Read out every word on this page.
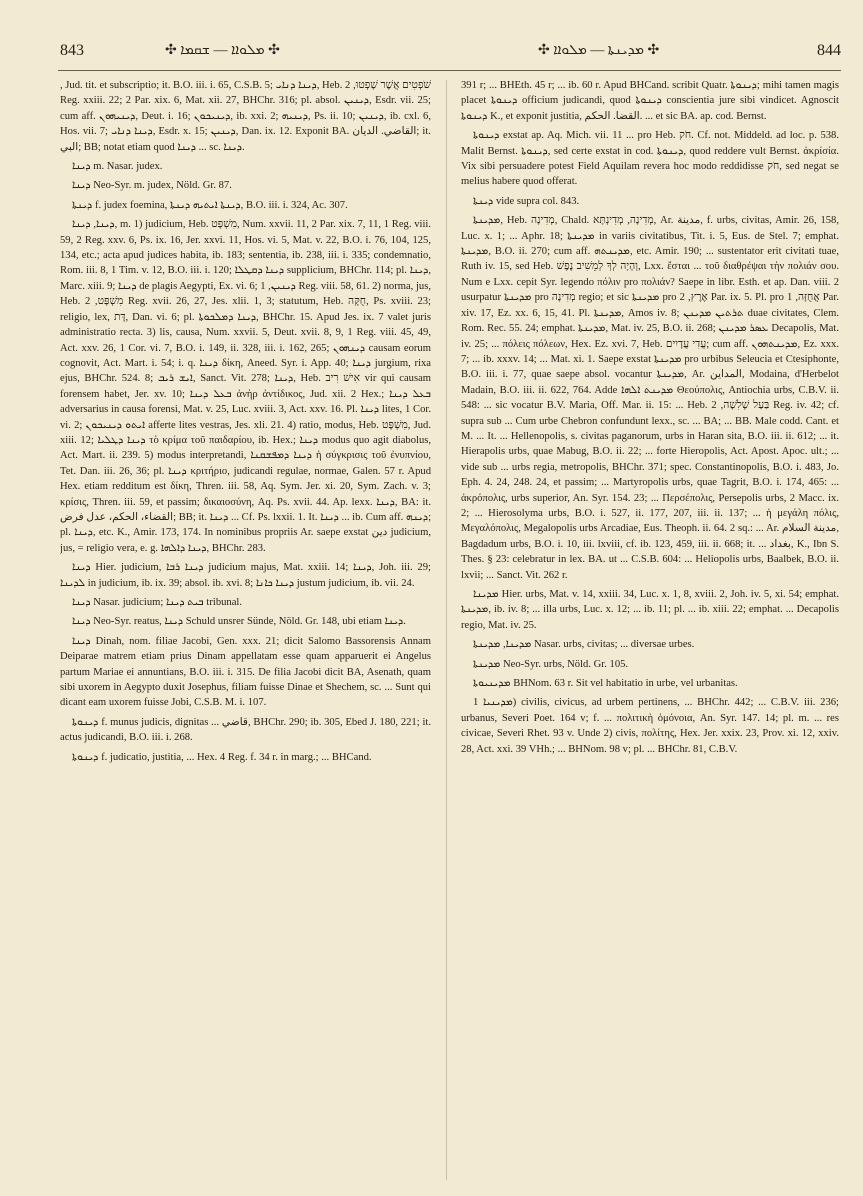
843	✣ ܡܠܘܐܐ — ܫܩܡܐ ✣	✣ ܡܕܝܢܬܐ — ܡܠܘܐܐ ✣	844

, Jud. tit. et subscriptio; it. B.O. iii. i. 65, C.S.B. 5; ܕܝܢܐ ܕܢܐܝ, Heb. שֹׁפְטִים אֲשֶׁר שָׁפְטוּ, 2 Reg. xxiii. 22; 2 Par. xix. 6, Mat. xii. 27, BHChr. 316; pl. absol. ܕܝܢܝܢ, Esdr. vii. 25; cum aff. ܕܝܢܝܗܘܢ, Deut. i. 16; ܕܝܢܝܟܘܢ, ib. xxi. 2; ܕܝܢܝܗ, Ps. ii. 10; ܕܝܢܝܢ, ib. cxl. 6, Hos. vii. 7; ܕܝܢܐ ܕܢܐܝ, Esdr. x. 15; ܕܝܢܝܢ, Dan. ix. 12. Exponit BA. القاضي. الديان; it. البي; BB; notat etiam quod ܕܝܢܐ ... sc. ܕܝܢܐ.

ܕܝܢܐ m. Nasar. judex.

ܕܝܢܐ Neo-Syr. m. judex, Nöld. Gr. 87.

ܕܝܢܬܐ f. judex foemina, ܕܝܢܬܐ ܐܝܬܝܗ ܕܝܢܬܐ, B.O. iii. i. 324, Ac. 307.

ܕܝܢܐ, ܕܝܢܐ, m. 1) judicium, Heb. מִשְׁפָּט, Num. xxvii. 11, 2 Par. xix. 7, 11, 1 Reg. viii. 59, 2 Reg. xxv. 6, Ps. ix. 16, Jer. xxvi. 11, Hos. vi. 5, Mat. v. 22, B.O. i. 76, 104, 125, 134, etc.; acta apud judices habita, ib. 183; sententia, ib. 238, iii. i. 335; condemnatio, Rom. iii. 8, 1 Tim. v. 12, B.O. iii. i. 120; ܕܝܢܐ ܕܩܛܠܐ supplicium, BHChr. 114; pl. ܕܝܢܐ, Marc. xiii. 9; ܕܝܢܐ de plagis Aegypti, Ex. vi. 6; ܕܝܢܝܢ, 1 Reg. viii. 58, 61. 2) norma, jus, Heb. מִשְׁפָּט, 2 Reg. xvii. 26, 27, Jes. xlii. 1, 3; statutum, Heb. חֻקָּה, Ps. xviii. 23; religio, lex, דָּת, Dan. vi. 6; pl. ܕܝܢܐ ܕܡܠܟܘܬܐ, BHChr. 15. Apud Jes. ix. 7 valet juris administratio recta. 3) lis, causa, Num. xxvii. 5, Deut. xvii. 8, 9, 1 Reg. viii. 45, 49, Act. xxv. 26, 1 Cor. vi. 7, B.O. i. 149, ii. 328, iii. i. 162, 265; ܕܝܢܗܘܢ causam eorum cognovit, Act. Mart. i. 54; i. q. ܕܝܢܐ δίκη, Aneed. Syr. i. App. 40; ܕܝܢܐ jurgium, rixa ejus, BHChr. 524. 8; ܐܝܫ ܪܝܒ, Sanct. Vit. 278; ܕܝܢܐ, Heb. אִישׁ רִיב vir qui causam forensem habet, Jer. xv. 10; ܒܥܠ ܕܝܢܐ ἀνὴρ ἀντίδικος, Jud. xii. 2 Hex.; ܒܥܠ ܕܝܢܐ adversarius in causa forensi, Mat. v. 25, Luc. xviii. 3, Act. xxv. 16. Pl. ܕܝܢܐ lites, 1 Cor. vi. 2; ܐܝܬܘ ܕܝܢܝܟܘܢ afferte lites vestras, Jes. xli. 21. 4) ratio, modus, Heb. מִשְׁפָּט, Jud. xiii. 12; ܕܝܢܐ ܕܛܠܝܐ τὸ κρίμα τοῦ παιδαρίου, ib. Hex.; ܕܝܢܐ modus quo agit diabolus, Act. Mart. ii. 239. 5) modus interpretandi, ܕܝܢܐ ܕܡܦܫܩܢܐ ἡ σύγκρισις τοῦ ἐνυπνίου, Tet. Dan. iii. 26, 36; pl. ܕܝܢܐ κριτήριο, judicandi regulae, normae, Galen. 57 r. Apud Hex. etiam redditum est δίκη, Thren. iii. 58, Aq. Sym. Jer. xi. 20, Sym. Zach. v. 3; κρίσις, Thren. iii. 59, et passim; δικαιοσύνη, Aq. Ps. xvii. 44. Ap. lexx. ܕܝܢܐ, BA: it. القضاء، الحكم، عدل فرض; BB; it. ܕܝܢܐ ... Cf. Ps. lxxii. 1. It. ܕܝܢܐ ... ib. Cum aff. ܕܝܢܗ; pl. ܕܝܢܐ, etc. K., Amir. 173, 174. In nominibus propriis Ar. saepe exstat دين judicium, jus, = religio vera, e. g. ܕܝܢܐ ܕܐܠܗܐ, BHChr. 283.

ܕܝܢܐ Hier. judicium, ܕܝܢܐ ܪܒܐ judicium majus, Mat. xxiii. 14; ܕܝܢܐ, Joh. iii. 29; ܠܕܝܢܐ in judicium, ib. ix. 39; absol. ib. xvi. 8; ܕܝܢܐ ܟܐܢܐ justum judicium, ib. vii. 24.

ܕܝܢܐ Nasar. judicium; ܒܝܬ ܕܝܢܐ tribunal.

ܕܝܢܐ Neo-Syr. reatus, ܕܝܢܐ Schuld unsrer Sünde, Nöld. Gr. 148, ubi etiam ܕܝܢܐ.

ܕܝܢܐ Dinah, nom. filiae Jacobi, Gen. xxx. 21; dicit Salomo Bassorensis Annam Deiparae matrem etiam prius Dinam appellatam esse quam apparuerit ei Angelus partum Mariae ei annuntians, B.O. iii. i. 315. De filia Jacobi dicit BA, Asenath, quam sibi uxorem in Aegypto duxit Josephus, filiam fuisse Dinae et Shechem, sc. ... Sunt qui dicant eam uxorem fuisse Jobi, C.S.B. M. i. 107.

ܕܝܢܘܬܐ f. munus judicis, dignitas ... قاضي, BHChr. 290; ib. 305, Ebed J. 180, 221; it. actus judicandi, B.O. iii. i. 268.

ܕܝܢܘܬܐ f. judicatio, justitia, ... Hex. 4 Reg. f. 34 r. in marg.; ... BHCand.

391 r; ... BHEth. 45 r; ... ib. 60 r. Apud BHCand. scribit Quatr. ܕܝܢܘܬܐ; mihi tamen magis placet ܕܝܢܘܬܐ officium judicandi, quod ܕܝܢܘܬܐ conscientia jure sibi vindicet. Agnoscit ܕܝܢܘܬܐ K., et exponit justitia, القضا. الحكم. ... et sic BA. ap. cod. Bernst.

ܕܝܢܘܬܐ exstat ap. Aq. Mich. vii. 11 ... pro Heb. חֹק. Cf. not. Middeld. ad loc. p. 538. Malit Bernst. ܕܝܢܘܬܐ, sed certe exstat in cod. ܕܝܢܘܬܐ, quod reddere vult Bernst. ἀκρίσία. Vix sibi persuadere potest Field Aquilam revera hoc modo reddidisse חֹק, sed negat se melius habere quod offerat.

ܕܝܢܬܐ vide supra col. 843.

ܡܕܝܢܬܐ, Heb. מְדִינָה, Chald. מְדִינָה, מְדִינְתָּא, Ar. مدينة, f. urbs, civitas, Amir. 26, 158, Luc. x. 1; ... Aphr. 18; ܡܕܝܢܬܐ in variis civitatibus, Tit. i. 5, Eus. de Stel. 7; emphat. ܡܕܝܢܬܐ, B.O. ii. 270; cum aff. ܡܕܝܢܬܗ, etc. Amir. 190; ... sustentator erit civitati tuae, Ruth iv. 15, sed Heb. וְהָיָה לְךָ לְמֵשִׁיב נֶפֶשׁ, Lxx. ἔσται ... τοῦ διαθρέψαι τὴν πολιάν σου. Num e Lxx. cepit Syr. legendo πόλιν pro πολιάν? Saepe in libr. Esth. et ap. Dan. viii. 2 usurpatur ܡܕܝܢܬܐ pro מְדִינָה regio; et sic ܡܕܝܢܬܐ pro אֶרֶץ, 2 Par. ix. 5. Pl. pro אֲחֻזָּה, 1 Par. xiv. 17, Ez. xx. 6, 15, 41. Pl. ܡܕܝܢܬܐ, Amos iv. 8; ܬܪܬܝܢ ܡܕܝܢܢ duae civitates, Clem. Rom. Rec. 55. 24; emphat. ܡܕܝܢܬܐ, Mat. iv. 25, B.O. ii. 268; ܥܣܪ ܡܕܝܢܢ Decapolis, Mat. iv. 25; ... πόλεις πόλεων, Hex. Ez. xvi. 7, Heb. עֲדִי עֲדָיִים; cum aff. ܡܕܝܢܬܗܘܢ, Ez. xxx. 7; ... ib. xxxv. 14; ... Mat. xi. 1. Saepe exstat ܡܕܝܢܬܐ pro urbibus Seleucia et Ctesiphonte, B.O. iii. i. 77, quae saepe absol. vocantur ܡܕܝܢܬܐ, Ar. المداين, Modaina, d'Herbelot Madain, B.O. iii. ii. 622, 764. Adde ܡܕܝܢܬ ܐܠܗܐ Θεούπολις, Antiochia urbs, C.B.V. ii. 548: ... sic vocatur B.V. Maria, Off. Mar. ii. 15: ... Heb. בַּעַל שָׁלִשָׁה, 2 Reg. iv. 42; cf. supra sub ... Cum urbe Chebron confundunt lexx., sc. ... BA; ... BB. Male codd. Cant. et M. ... It. ... Hellenopolis, s. civitas paganorum, urbs in Haran sita, B.O. iii. ii. 612; ... it. Hierapolis urbs, quae Mabug, B.O. ii. 22; ... forte Hieropolis, Act. Apost. Apoc. ult.; ... vide sub ... urbs regia, metropolis, BHChr. 371; spec. Constantinopolis, B.O. i. 483, Jo. Eph. 4. 24, 248. 24, et passim; ... Martyropolis urbs, quae Tagrit, B.O. i. 174, 465: ... ἀκρόπολις, urbs superior, An. Syr. 154. 23; ... Περσέπολις, Persepolis urbs, 2 Macc. ix. 2; ... Hierosolyma urbs, B.O. i. 527, ii. 177, 207, iii. ii. 137; ... ἡ μεγάλη πόλις, Μεγαλόπολις, Megalopolis urbs Arcadiae, Eus. Theoph. ii. 64. 2 sq.: ... Ar. مدينة السلام, Bagdadum urbs, B.O. i. 10, iii. lxviii, cf. ib. 123, 459, iii. ii. 668; it. ... بغداد, K., Ibn S. Thes. § 23: celebratur in lex. BA. ut ... C.S.B. 604: ... Heliopolis urbs, Baalbek, B.O. ii. lxvii; ... Sanct. Vit. 262 r.

ܡܕܝܢܐ Hier. urbs, Mat. v. 14, xxiii. 34, Luc. x. 1, 8, xviii. 2, Joh. iv. 5, xi. 54; emphat. ܡܕܝܢܬܐ, ib. iv. 8; ... illa urbs, Luc. x. 12; ... ib. 11; pl. ... ib. xiii. 22; emphat. ... Decapolis regio, Mat. iv. 25.

ܡܕܝܢܐ, ܡܕܝܢܬܐ Nasar. urbs, civitas; ... diversae urbes.

ܡܕܝܢܬܐ Neo-Syr. urbs, Nöld. Gr. 105.

ܡܕܝܢܝܘܬܐ BHNom. 63 r. Sit vel habitatio in urbe, vel urbanitas.

ܡܕܝܢܝܐ 1) civilis, civicus, ad urbem pertinens, ... BHChr. 442; ... C.B.V. iii. 236; urbanus, Severi Poet. 164 v; f. ... πολιτικὴ ὁμόνοια, An. Syr. 147. 14; pl. m. ... res civicae, Severi Rhet. 93 v. Unde 2) civis, πολίτης, Hex. Jer. xxix. 23, Prov. xi. 12, xxiv. 28, Act. xxi. 39 VHh.; ... BHNom. 98 v; pl. ... BHChr. 81, C.B.V.
